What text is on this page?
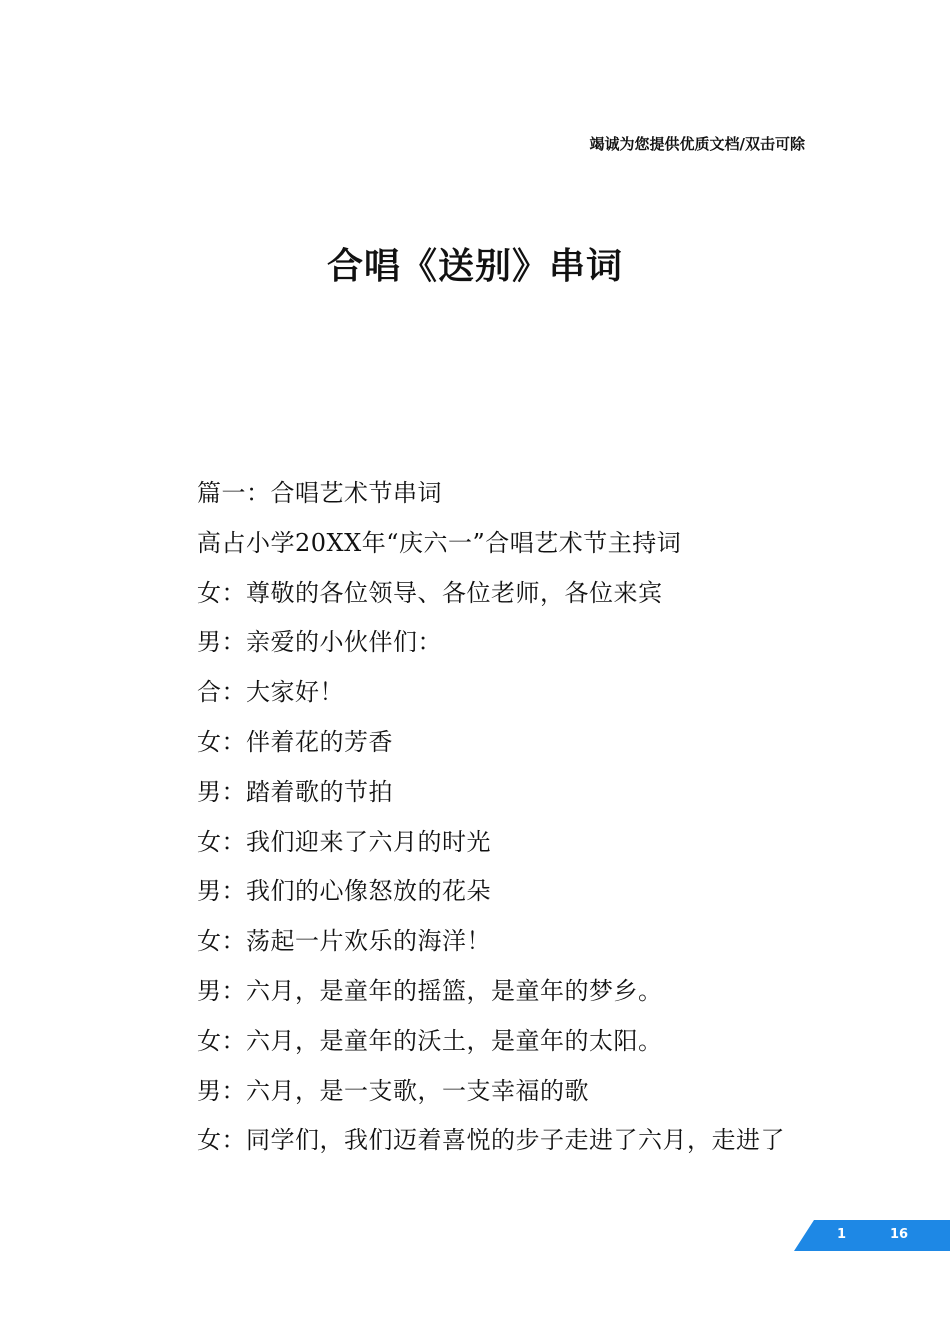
竭诚为您提供优质文档/双击可除
合唱《送别》串词
篇一：合唱艺术节串词
高占小学20XX年“庆六一”合唱艺术节主持词
女：尊敬的各位领导、各位老师，各位来宾
男：亲爱的小伙伴们：
合：大家好！
女：伴着花的芳香
男：踏着歌的节拍
女：我们迎来了六月的时光
男：我们的心像怒放的花朵
女：荡起一片欢乐的海洋！
男：六月，是童年的摇篮，是童年的梦乡。
女：六月，是童年的沃土，是童年的太阳。
男：六月，是一支歌，一支幸福的歌
女：同学们，我们迈着喜悦的步子走进了六月，走进了
1	16
